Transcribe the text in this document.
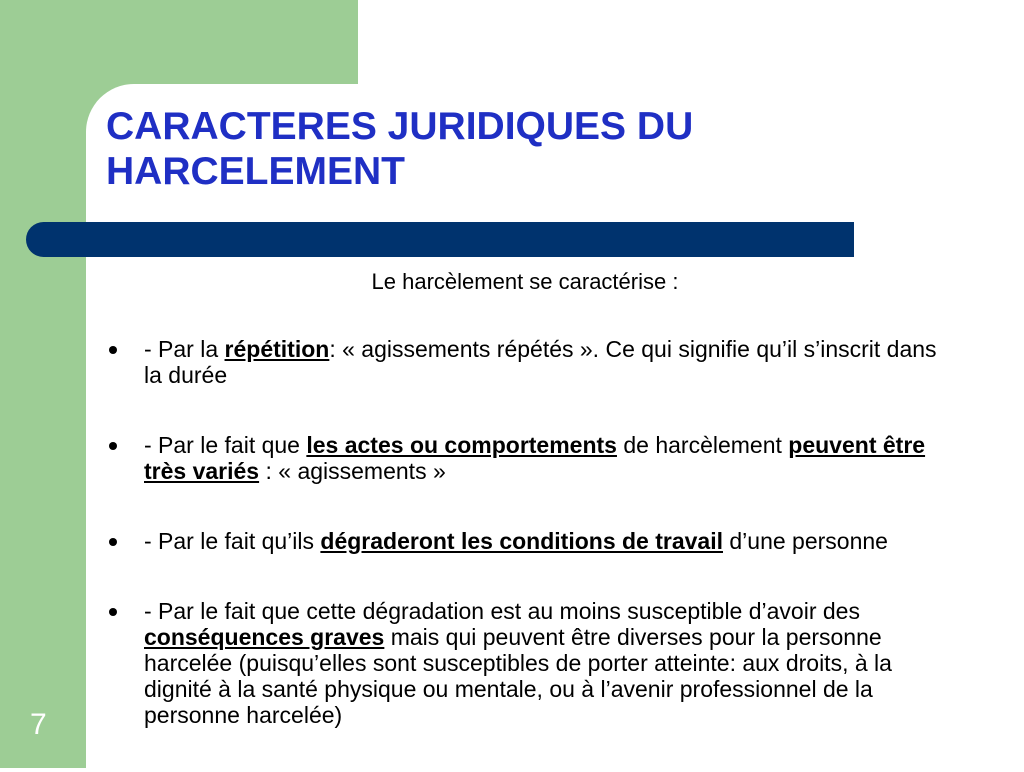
CARACTERES JURIDIQUES DU
HARCELEMENT
Le harcèlement se caractérise :
- Par la répétition: « agissements répétés ». Ce qui signifie qu’il s’inscrit dans la durée
- Par le fait que les actes ou comportements de harcèlement peuvent être très variés : « agissements »
- Par le fait qu’ils dégraderont les conditions de travail d’une personne
- Par le fait que cette dégradation est au moins susceptible d’avoir des conséquences graves mais qui peuvent être diverses pour la personne harcelée (puisqu’elles sont susceptibles de porter atteinte: aux droits, à la dignité à la santé physique ou mentale, ou à l’avenir professionnel de la personne harcelée)
7
